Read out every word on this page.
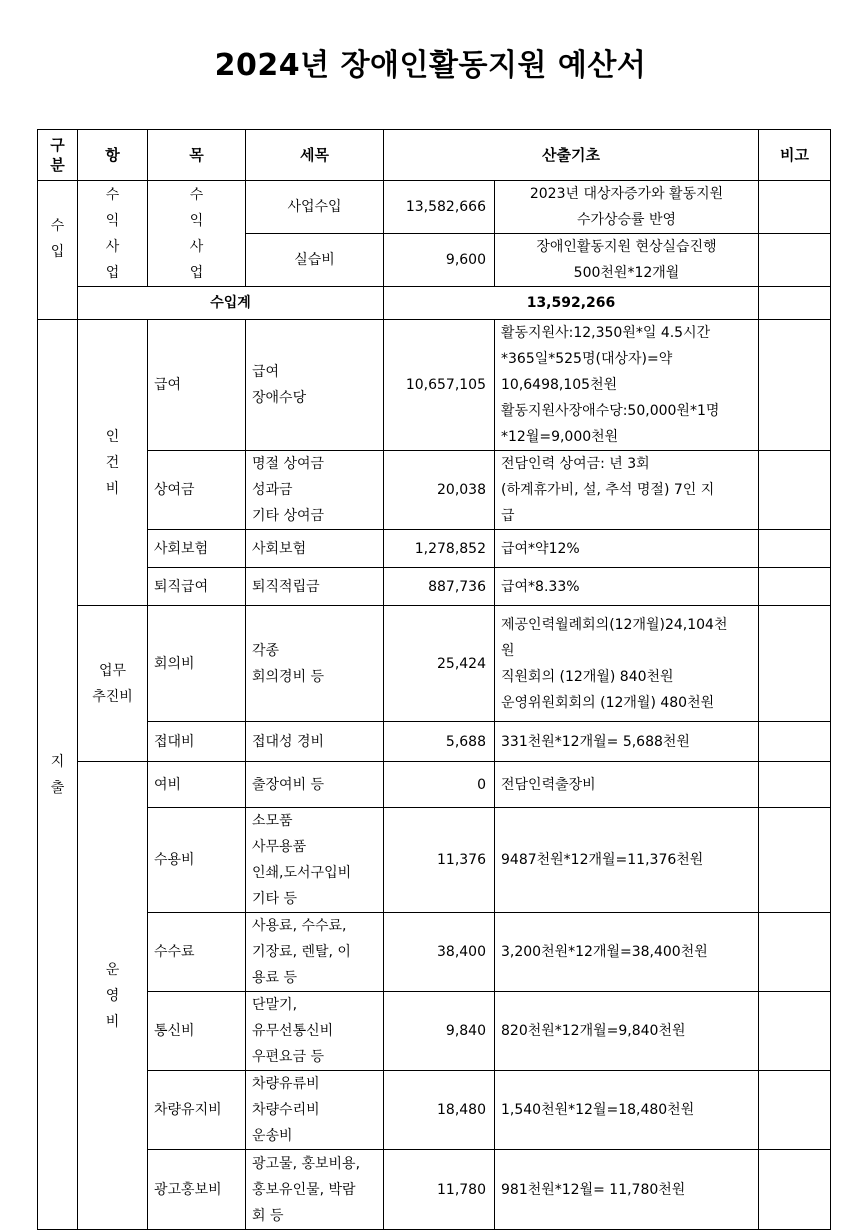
2024년 장애인활동지원 예산서
구
분	항	목	세목	산출기초		비고

수
입	수
익
사
업	수
익
사
업	사업수입	13,582,666	2023년 대상자증가와 활동지원
수가상승률 반영	

			실습비	9,600	장애인활동지원 현상실습진행
500천원*12개월	

	수입계			13,592,266		

지
출	인
건
비	급여	급여
장애수당	10,657,105	활동지원사:12,350원*일 4.5시간
*365일*525명(대상자)=약
10,6498,105천원
활동지원사장애수당:50,000원*1명
*12월=9,000천원	

		상여금	명절 상여금
성과금
기타 상여금	20,038	전담인력 상여금: 년 3회
(하계휴가비, 설, 추석 명절) 7인 지
급	

		사회보험	사회보험	1,278,852	급여*약12%	

		퇴직급여	퇴직적립금	887,736	급여*8.33%	

	업무
추진비	회의비	각종
회의경비 등	25,424	제공인력월례회의(12개월)24,104천
원
직원회의 (12개월) 840천원
운영위원회회의 (12개월) 480천원	

		접대비	접대성 경비	5,688	331천원*12개월= 5,688천원	

	운
영
비	여비	출장여비 등	0	전담인력출장비	

		수용비	소모품
사무용품
인쇄,도서구입비
기타 등	11,376	9487천원*12개월=11,376천원	

		수수료	사용료, 수수료,
기장료, 렌탈, 이
용료 등	38,400	3,200천원*12개월=38,400천원	

		통신비	단말기,
유무선통신비
우편요금 등	9,840	820천원*12개월=9,840천원	

		차량유지비	차량유류비
차량수리비
운송비	18,480	1,540천원*12월=18,480천원	

		광고홍보비	광고물, 홍보비용,
홍보유인물, 박람
회 등	11,780	981천원*12월= 11,780천원	
